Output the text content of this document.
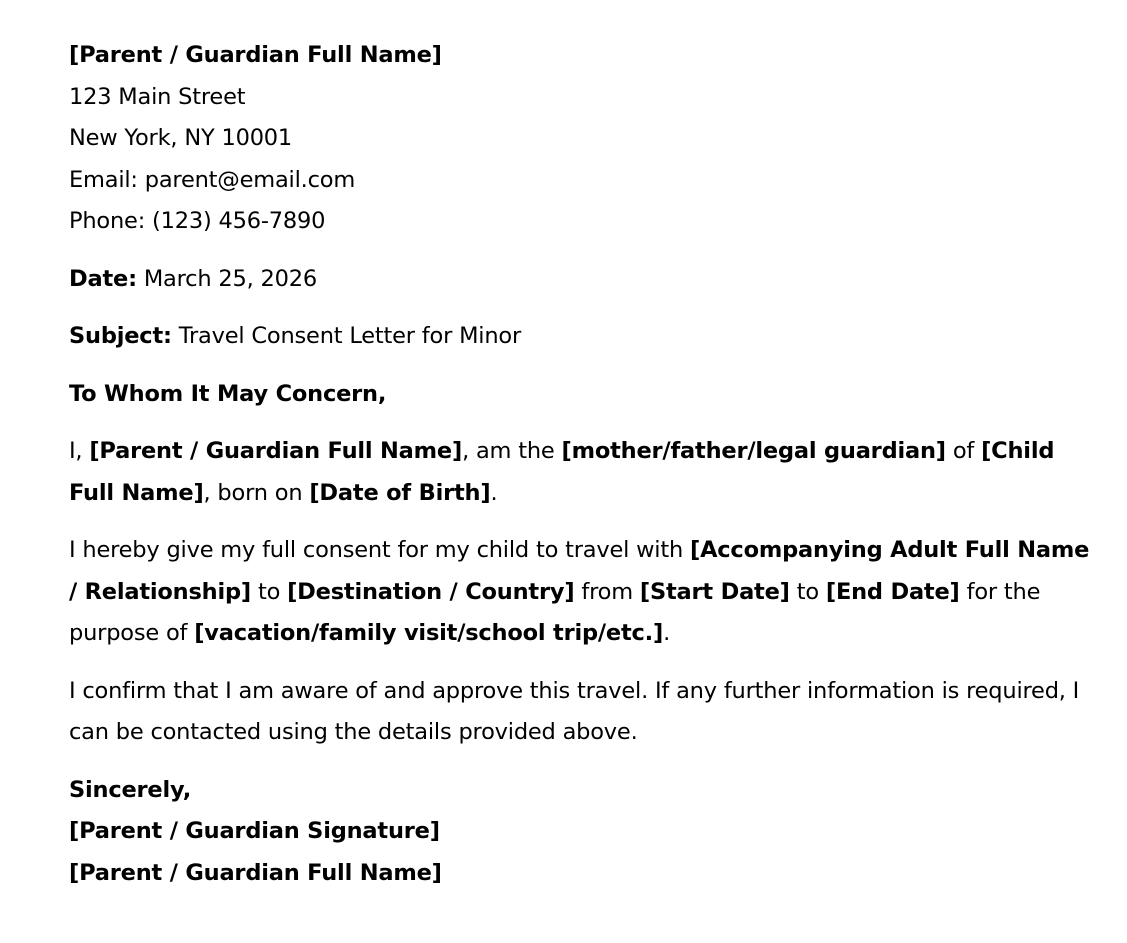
[Parent / Guardian Full Name]

123 Main Street

New York, NY 10001

Email: parent@email.com

Phone: (123) 456-7890

Date: March 25, 2026

Subject: Travel Consent Letter for Minor

To Whom It May Concern,

I, [Parent / Guardian Full Name], am the [mother/father/legal guardian] of [Child Full Name], born on [Date of Birth].

I hereby give my full consent for my child to travel with [Accompanying Adult Full Name / Relationship] to [Destination / Country] from [Start Date] to [End Date] for the purpose of [vacation/family visit/school trip/etc.].

I confirm that I am aware of and approve this travel. If any further information is required, I can be contacted using the details provided above.

Sincerely,

[Parent / Guardian Signature]

[Parent / Guardian Full Name]
